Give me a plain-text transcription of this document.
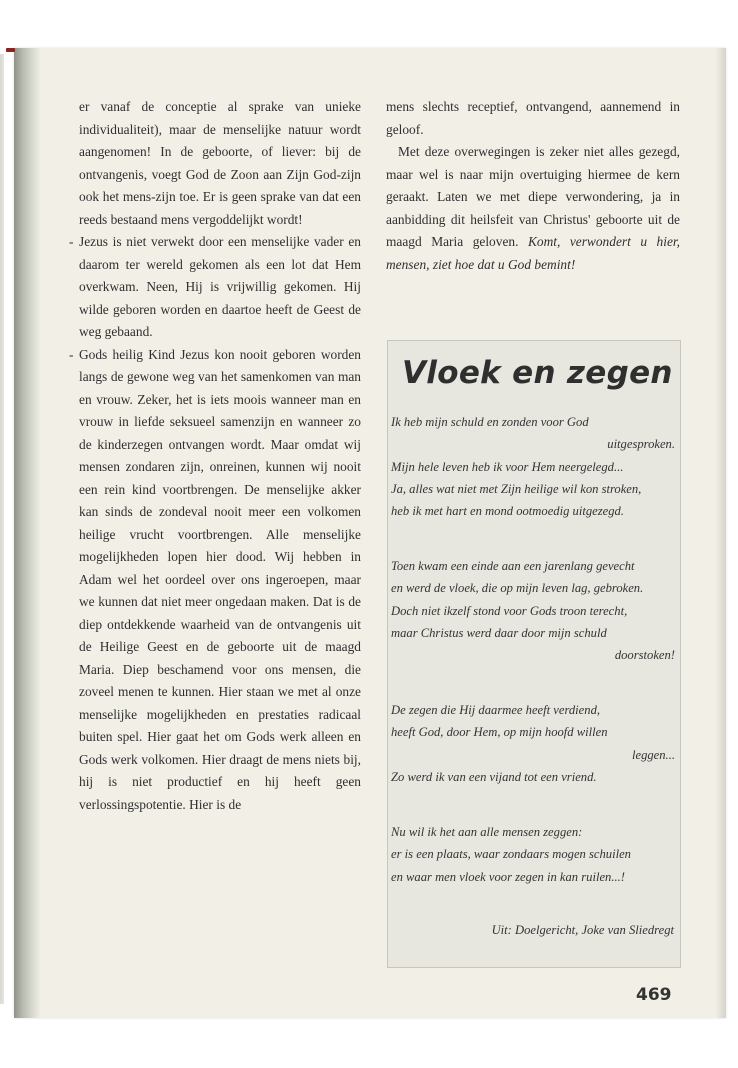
er vanaf de conceptie al sprake van unieke individualiteit), maar de menselijke natuur wordt aangenomen! In de geboorte, of liever: bij de ontvangenis, voegt God de Zoon aan Zijn God-zijn ook het mens-zijn toe. Er is geen sprake van dat een reeds bestaand mens vergoddelijkt wordt!

- Jezus is niet verwekt door een menselijke vader en daarom ter wereld gekomen als een lot dat Hem overkwam. Neen, Hij is vrijwillig gekomen. Hij wilde geboren worden en daartoe heeft de Geest de weg gebaand.
- Gods heilig Kind Jezus kon nooit geboren worden langs de gewone weg van het samenkomen van man en vrouw. Zeker, het is iets moois wanneer man en vrouw in liefde seksueel samenzijn en wanneer zo de kinderzegen ontvangen wordt. Maar omdat wij mensen zondaren zijn, onreinen, kunnen wij nooit een rein kind voortbrengen. De menselijke akker kan sinds de zondeval nooit meer een volkomen heilige vrucht voortbrengen. Alle menselijke mogelijkheden lopen hier dood. Wij hebben in Adam wel het oordeel over ons ingeroepen, maar we kunnen dat niet meer ongedaan maken. Dat is de diep ontdekkende waarheid van de ontvangenis uit de Heilige Geest en de geboorte uit de maagd Maria. Diep beschamend voor ons mensen, die zoveel menen te kunnen. Hier staan we met al onze menselijke mogelijkheden en prestaties radicaal buiten spel. Hier gaat het om Gods werk alleen en Gods werk volkomen. Hier draagt de mens niets bij, hij is niet productief en hij heeft geen verlossingspotentie. Hier is de

mens slechts receptief, ontvangend, aannemend in geloof.

Met deze overwegingen is zeker niet alles gezegd, maar wel is naar mijn overtuiging hiermee de kern geraakt. Laten we met diepe verwondering, ja in aanbidding dit heilsfeit van Christus' geboorte uit de maagd Maria geloven. Komt, verwondert u hier, mensen, ziet hoe dat u God bemint!

Vloek en zegen
Ik heb mijn schuld en zonden voor God
uitgesproken.
Mijn hele leven heb ik voor Hem neergelegd...
Ja, alles wat niet met Zijn heilige wil kon stroken,
heb ik met hart en mond ootmoedig uitgezegd.
Toen kwam een einde aan een jarenlang gevecht
en werd de vloek, die op mijn leven lag, gebroken.
Doch niet ikzelf stond voor Gods troon terecht,
maar Christus werd daar door mijn schuld
doorstoken!
De zegen die Hij daarmee heeft verdiend,
heeft God, door Hem, op mijn hoofd willen
leggen...
Zo werd ik van een vijand tot een vriend.
Nu wil ik het aan alle mensen zeggen:
er is een plaats, waar zondaars mogen schuilen
en waar men vloek voor zegen in kan ruilen...!
Uit: Doelgericht, Joke van Sliedregt
469
